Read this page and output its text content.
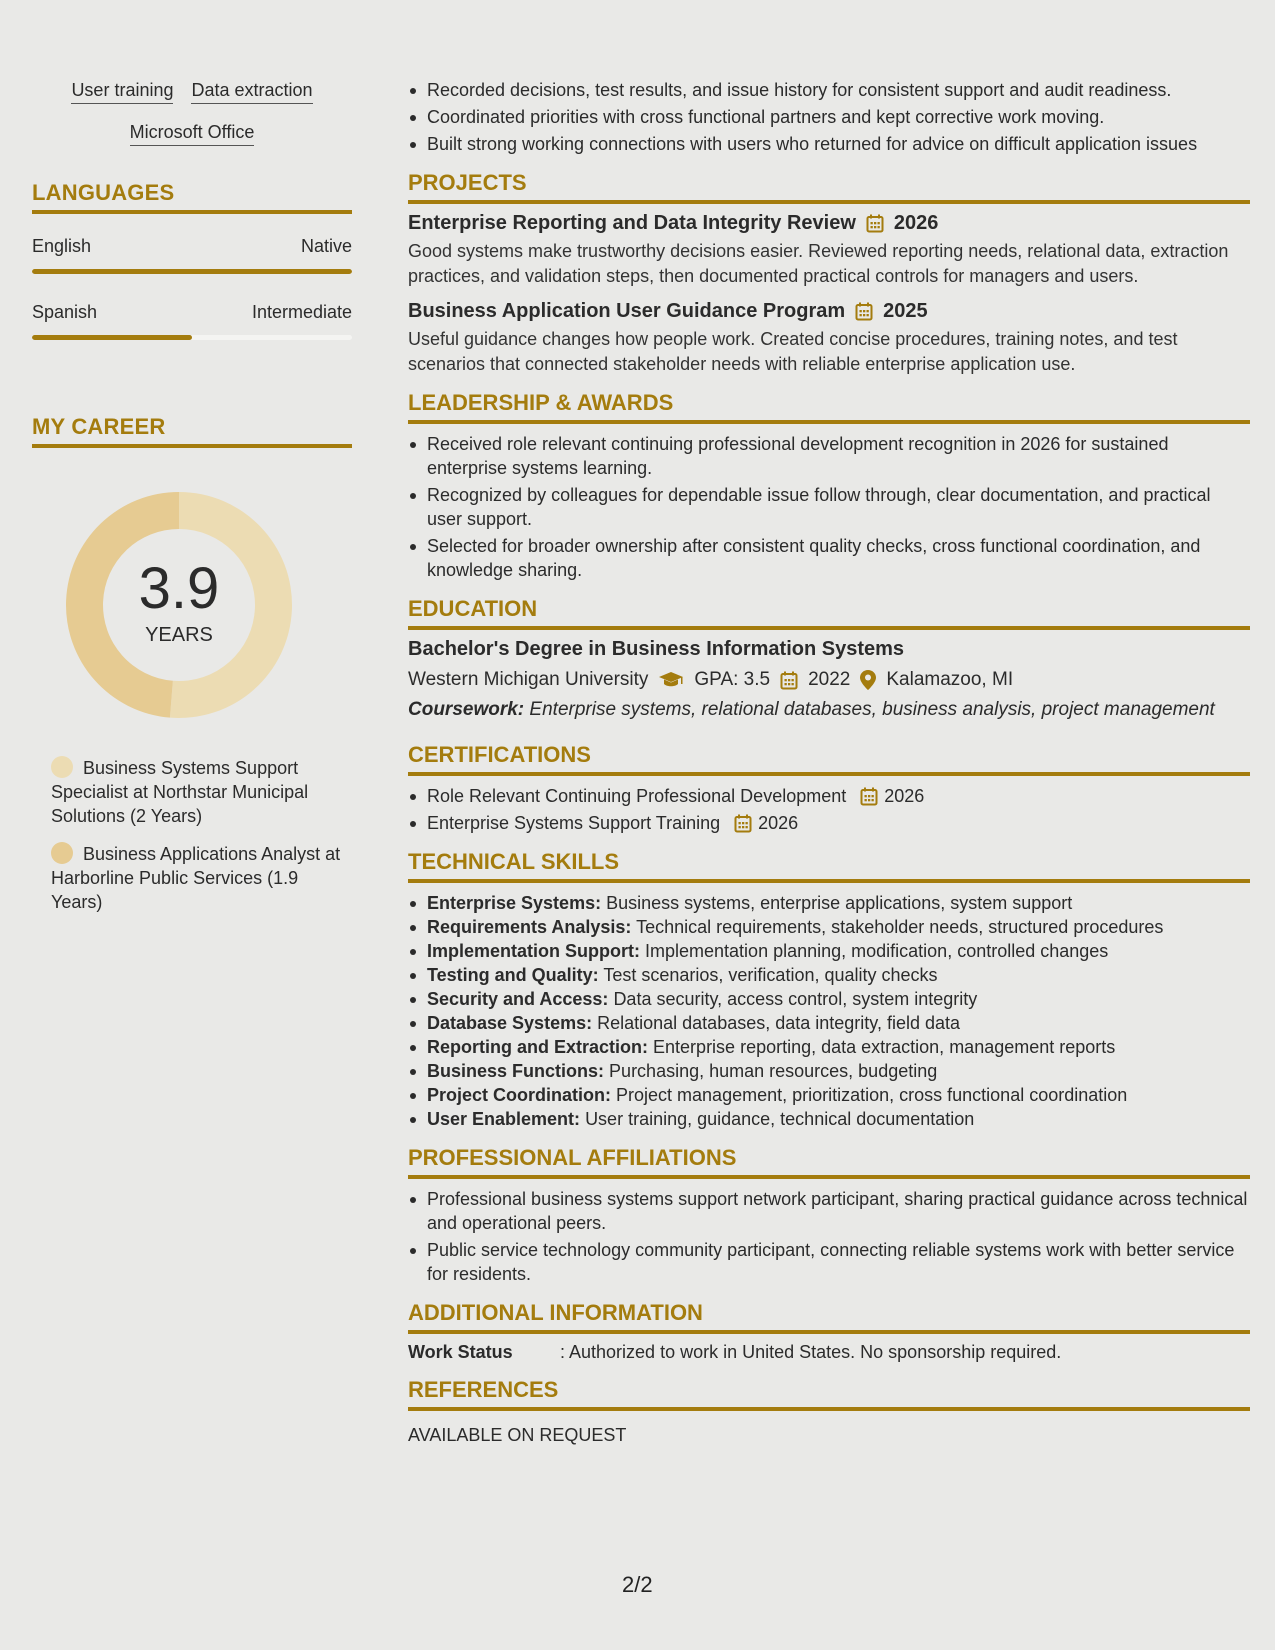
User training Data extraction
Microsoft Office
LANGUAGES
English	Native
Spanish	Intermediate
MY CAREER
3.9
YEARS
Business Systems Support Specialist at Northstar Municipal Solutions (2 Years)
Business Applications Analyst at Harborline Public Services (1.9 Years)
Recorded decisions, test results, and issue history for consistent support and audit readiness.
Coordinated priorities with cross functional partners and kept corrective work moving.
Built strong working connections with users who returned for advice on difficult application issues
PROJECTS
Enterprise Reporting and Data Integrity Review 2026
Good systems make trustworthy decisions easier. Reviewed reporting needs, relational data, extraction practices, and validation steps, then documented practical controls for managers and users.
Business Application User Guidance Program 2025
Useful guidance changes how people work. Created concise procedures, training notes, and test scenarios that connected stakeholder needs with reliable enterprise application use.
LEADERSHIP & AWARDS
Received role relevant continuing professional development recognition in 2026 for sustained enterprise systems learning.
Recognized by colleagues for dependable issue follow through, clear documentation, and practical user support.
Selected for broader ownership after consistent quality checks, cross functional coordination, and knowledge sharing.
EDUCATION
Bachelor's Degree in Business Information Systems
Western Michigan University GPA: 3.5 2022 Kalamazoo, MI
Coursework: Enterprise systems, relational databases, business analysis, project management
CERTIFICATIONS
Role Relevant Continuing Professional Development 2026
Enterprise Systems Support Training 2026
TECHNICAL SKILLS
Enterprise Systems: Business systems, enterprise applications, system support
Requirements Analysis: Technical requirements, stakeholder needs, structured procedures
Implementation Support: Implementation planning, modification, controlled changes
Testing and Quality: Test scenarios, verification, quality checks
Security and Access: Data security, access control, system integrity
Database Systems: Relational databases, data integrity, field data
Reporting and Extraction: Enterprise reporting, data extraction, management reports
Business Functions: Purchasing, human resources, budgeting
Project Coordination: Project management, prioritization, cross functional coordination
User Enablement: User training, guidance, technical documentation
PROFESSIONAL AFFILIATIONS
Professional business systems support network participant, sharing practical guidance across technical and operational peers.
Public service technology community participant, connecting reliable systems work with better service for residents.
ADDITIONAL INFORMATION
Work Status	: Authorized to work in United States. No sponsorship required.
REFERENCES
AVAILABLE ON REQUEST
2/2
